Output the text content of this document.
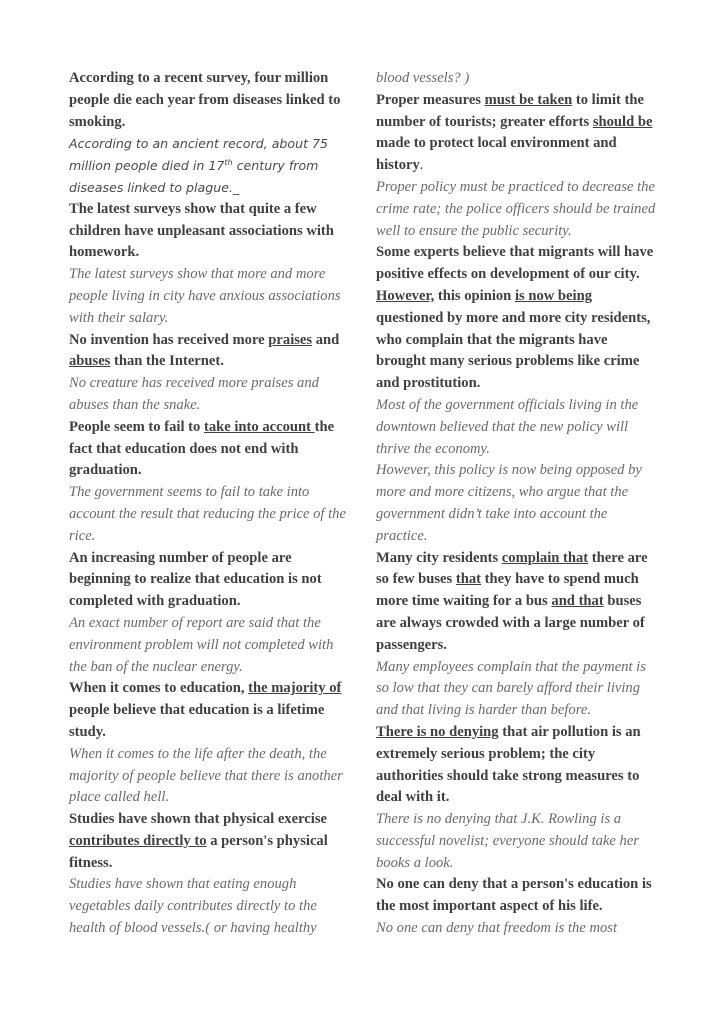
According to a recent survey, four million people die each year from diseases linked to smoking.

According to an ancient record, about 75 million people died in 17th century from diseases linked to plague._

The latest surveys show that quite a few children have unpleasant associations with homework.

The latest surveys show that more and more people living in city have anxious associations with their salary.

No invention has received more praises and abuses than the Internet.

No creature has received more praises and abuses than the snake.

People seem to fail to take into account the fact that education does not end with graduation.

The government seems to fail to take into account the result that reducing the price of the rice.

An increasing number of people are beginning to realize that education is not completed with graduation.

An exact number of report are said that the environment problem will not completed with the ban of the nuclear energy.

When it comes to education, the majority of people believe that education is a lifetime study.

When it comes to the life after the death, the majority of people believe that there is another place called hell.

Studies have shown that physical exercise contributes directly to a person's physical fitness.

Studies have shown that eating enough vegetables daily contributes directly to the health of blood vessels.( or having healthy

blood vessels? )

Proper measures must be taken to limit the number of tourists; greater efforts should be made to protect local environment and history.

Proper policy must be practiced to decrease the crime rate; the police officers should be trained well to ensure the public security.

Some experts believe that migrants will have positive effects on development of our city. However, this opinion is now being questioned by more and more city residents, who complain that the migrants have brought many serious problems like crime and prostitution.

Most of the government officials living in the downtown believed that the new policy will thrive the economy.

However, this policy is now being opposed by more and more citizens, who argue that the government didn’t take into account the practice.

Many city residents complain that there are so few buses that they have to spend much more time waiting for a bus and that buses are always crowded with a large number of passengers.

Many employees complain that the payment is so low that they can barely afford their living and that living is harder than before.

There is no denying that air pollution is an extremely serious problem; the city authorities should take strong measures to deal with it.

There is no denying that J.K. Rowling is a successful novelist; everyone should take her books a look.

No one can deny that a person's education is the most important aspect of his life.

No one can deny that freedom is the most
